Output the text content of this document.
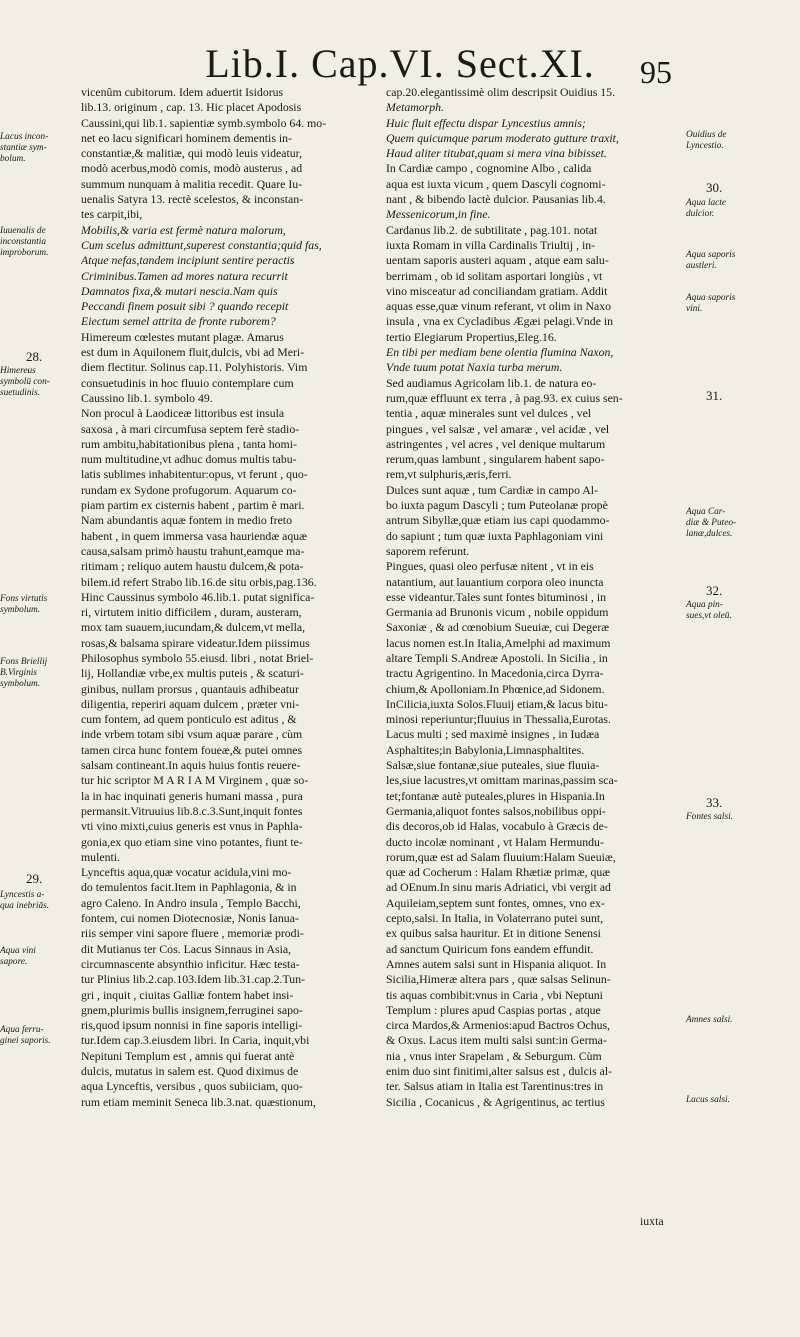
Lib.I. Cap.VI. Sect.XI.	95
Lacus incon-
stantiæ sym-
bolum.
Iuuenalis de
inconstantia
improborum.
28.
Himereus
symbolū con-
suetudinis.
Fons virtutis
symbolum.
Fons Briellij
B.Virginis
symbolum.
29.
Lyncestis a-
qua inebriās.
Aqua vini
sapore.
Aqua ferru-
ginei saporis.
vicenûm cubitorum. Idem aduertit Isidorus
lib.13. originum , cap. 13. Hic placet Apodosis
Caussini,qui lib.1. sapientiæ symb.symbolo 64. mo-
net eo lacu significari hominem dementis in-
constantiæ,& malitiæ, qui modò leuis videatur,
modò acerbus,modò comis, modò austerus , ad
summum nunquam à malitia recedit. Quare Iu-
uenalis Satyra 13. rectè scelestos, & inconstan-
tes carpit,ibi,
Mobilis,& varia est fermè natura malorum,
Cum scelus admittunt,superest constantia;quid fas,
Atque nefas,tandem incipiunt sentire peractis
Criminibus.Tamen ad mores natura recurrit
Damnatos fixa,& mutari nescia.Nam quis
Peccandi finem posuit sibi ? quando recepit
Eiectum semel attrita de fronte ruborem?
Himereum cœlestes mutant plagæ. Amarus
est dum in Aquilonem fluit,dulcis, vbi ad Meri-
diem flectitur. Solinus cap.11. Polyhistoris. Vim
consuetudinis in hoc fluuio contemplare cum
Caussino lib.1. symbolo 49.
Non procul à Laodiceæ littoribus est insula
saxosa , à mari circumfusa septem ferè stadio-
rum ambitu,habitationibus plena , tanta homi-
num multitudine,vt adhuc domus multis tabu-
latis sublimes inhabitentur:opus, vt ferunt , quo-
rundam ex Sydone profugorum. Aquarum co-
piam partim ex cisternis habent , partim è mari.
Nam abundantis aquæ fontem in medio freto
habent , in quem immersa vasa hauriendæ aquæ
causa,salsam primò haustu trahunt,eamque ma-
ritimam ; reliquo autem haustu dulcem,& pota-
bilem.id refert Strabo lib.16.de situ orbis,pag.136.
Hinc Caussinus symbolo 46.lib.1. putat significa-
ri, virtutem initio difficilem , duram, austeram,
mox tam suauem,iucundam,& dulcem,vt mella,
rosas,& balsama spirare videatur.Idem piissimus
Philosophus symbolo 55.eiusd. libri , notat Briel-
lij, Hollandiæ vrbe,ex multis puteis , & scaturi-
ginibus, nullam prorsus , quantauis adhibeatur
diligentia, reperiri aquam dulcem , præter vni-
cum fontem, ad quem ponticulo est aditus , &
inde vrbem totam sibi vsum aquæ parare , cùm
tamen circa hunc fontem foueæ,& putei omnes
salsam contineant.In aquis huius fontis reuere-
tur hic scriptor M A R I A M Virginem , quæ so-
la in hac inquinati generis humani massa , pura
permansit.Vitruuius lib.8.c.3.Sunt,inquit fontes
vti vino mixti,cuius generis est vnus in Paphla-
gonia,ex quo etiam sine vino potantes, fiunt te-
mulenti.
Lynceftis aqua,quæ vocatur acidula,vini mo-
do temulentos facit.Item in Paphlagonia, & in
agro Caleno. In Andro insula , Templo Bacchi,
fontem, cui nomen Diotecnosiæ, Nonis Ianua-
riis semper vini sapore fluere , memoriæ prodi-
dit Mutianus ter Cos. Lacus Sinnaus in Asia,
circumnascente absynthio inficitur. Hæc testa-
tur Plinius lib.2.cap.103.Idem lib.31.cap.2.Tun-
gri , inquit , ciuitas Galliæ fontem habet insi-
gnem,plurimis bullis insignem,ferruginei sapo-
ris,quod ipsum nonnisi in fine saporis intelligi-
tur.Idem cap.3.eiusdem libri. In Caria, inquit,vbi
Nepituni Templum est , amnis qui fuerat antè
dulcis, mutatus in salem est. Quod diximus de
aqua Lynceftis, versibus , quos subiiciam, quo-
rum etiam meminit Seneca lib.3.nat. quæstionum,
cap.20.elegantissimè olim descripsit Ouidius 15.
Metamorph.
Huic fluit effectu dispar Lyncestius amnis;
Quem quicumque parum moderato gutture traxit,
Haud aliter titubat,quam si mera vina bibisset.
In Cardiæ campo , cognomine Albo , calida
aqua est iuxta vicum , quem Dascyli cognomi-
nant , & bibendo lactè dulcior. Pausanias lib.4.
Messenicorum,in fine.
Cardanus lib.2. de subtilitate , pag.101. notat
iuxta Romam in villa Cardinalis Triultij , in-
uentam saporis austeri aquam , atque eam salu-
berrimam , ob id solitam asportari longiùs , vt
vino misceatur ad conciliandam gratiam. Addit
aquas esse,quæ vinum referant, vt olim in Naxo
insula , vna ex Cycladibus Ægæi pelagi.Vnde in
tertio Elegiarum Propertius,Eleg.16.
En tibi per mediam bene olentia flumina Naxon,
Vnde tuum potat Naxia turba merum.
Sed audiamus Agricolam lib.1. de natura eo-
rum,quæ effluunt ex terra , à pag.93. ex cuius sen-
tentia , aquæ minerales sunt vel dulces , vel
pingues , vel salsæ , vel amaræ , vel acidæ , vel
astringentes , vel acres , vel denique multarum
rerum,quas lambunt , singularem habent sapo-
rem,vt sulphuris,æris,ferri.
Dulces sunt aquæ , tum Cardiæ in campo Al-
bo iuxta pagum Dascyli ; tum Puteolanæ propè
antrum Sibyllæ,quæ etiam ius capi quodammo-
do sapiunt ; tum quæ iuxta Paphlagoniam vini
saporem referunt.
Pingues, quasi oleo perfusæ nitent , vt in eis
natantium, aut lauantium corpora oleo inuncta
esse videantur.Tales sunt fontes bituminosi , in
Germania ad Brunonis vicum , nobile oppidum
Saxoniæ , & ad cœnobium Sueuiæ, cui Degeræ
lacus nomen est.In Italia,Amelphi ad maximum
altare Templi S.Andreæ Apostoli. In Sicilia , in
tractu Agrigentino. In Macedonia,circa Dyrra-
chium,& Apolloniam.In Phœnice,ad Sidonem.
InCilicia,iuxta Solos.Fluuij etiam,& lacus bitu-
minosi reperiuntur;fluuius in Thessalia,Eurotas.
Lacus multi ; sed maximè insignes , in Iudæa
Asphaltites;in Babylonia,Limnasphaltites.
Salsæ,siue fontanæ,siue puteales, siue fluuia-
les,siue lacustres,vt omittam marinas,passim sca-
tet;fontanæ autè puteales,plures in Hispania.In
Germania,aliquot fontes salsos,nobilibus oppi-
dis decoros,ob id Halas, vocabulo à Græcis de-
ducto incolæ nominant , vt Halam Hermundu-
rorum,quæ est ad Salam fluuium:Halam Sueuiæ,
quæ ad Cocherum : Halam Rhætiæ primæ, quæ
ad OEnum.In sinu maris Adriatici, vbi vergit ad
Aquileiam,septem sunt fontes, omnes, vno ex-
cepto,salsi. In Italia, in Volaterrano putei sunt,
ex quibus salsa hauritur. Et in ditione Senensi
ad sanctum Quiricum fons eandem effundit.
Amnes autem salsi sunt in Hispania aliquot. In
Sicilia,Himeræ altera pars , quæ salsas Selinun-
tis aquas combibit:vnus in Caria , vbi Neptuni
Templum : plures apud Caspias portas , atque
circa Mardos,& Armenios:apud Bactros Ochus,
& Oxus. Lacus item multi salsi sunt:in Germa-
nia , vnus inter Srapelam , & Seburgum. Cùm
enim duo sint finitimi,alter salsus est , dulcis al-
ter. Salsus atiam in Italia est Tarentinus:tres in
Sicilia , Cocanicus , & Agrigentinus, ac tertius
Ouidius de
Lyncestio.
30.
Aqua lacte
dulcior.
Aqua saporis
austleri.
Aqua saporis
vini.
31.
Aqua Car-
diæ & Puteo-
lanæ,dulces.
32.
Aqua pin-
sues,vt oleū.
33.
Fontes salsi.
Amnes salsi.
Lacus salsi.
iuxta
